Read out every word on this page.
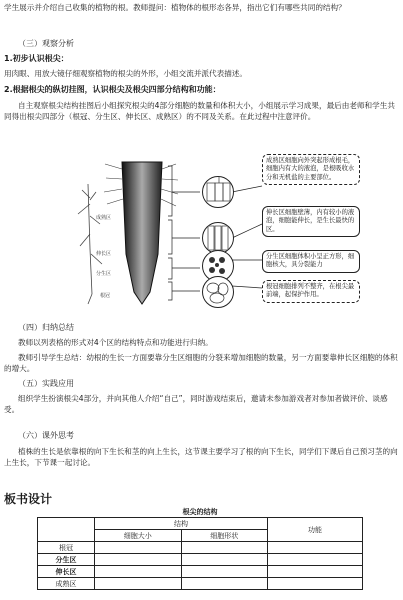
学生展示并介绍自己收集的植物的根。教师提问：植物体的根形态各异，指出它们有哪些共同的结构？

（三）观察分析

1.初步认识根尖：

用肉眼、用放大镜仔细观察植物的根尖的外形，小组交流并派代表描述。

2.根据根尖的纵切挂图，认识根尖及根尖四部分结构和功能：

自主观察根尖结构挂图后小组探究根尖的4部分细胞的数量和体积大小，小组展示学习成果，最后由老师和学生共同得出根尖四部分（根冠、分生区、伸长区、成熟区）的不同及关系。在此过程中注意评价。

成熟区细胞向外突起形成根毛，细胞内有大的液泡，是根吸收水分和无机盐的主要部位。
伸长区细胞壁薄，内有较小的液泡，细胞能伸长，是生长最快的区。
分生区细胞体积小呈正方形，细胞核大，具分裂能力
根冠细胞排列不整齐，在根尖最前端，起保护作用。
成熟区
伸长区
分生区
根冠

（四）归纳总结

教师以列表格的形式对4个区的结构特点和功能进行归纳。

教师引导学生总结：幼根的生长一方面要靠分生区细胞的分裂来增加细胞的数量，另一方面要靠伸长区细胞的体积的增大。

（五）实践应用

组织学生扮演根尖4部分，并向其他人介绍“自己”，同时游戏结束后，邀请未参加游戏者对参加者做评价、谈感受。

（六）课外思考

植株的生长是依靠根的向下生长和茎的向上生长，这节课主要学习了根的向下生长，同学们下课后自己预习茎的向上生长，下节课一起讨论。

板书设计
根尖的结构			
	结构		功能
	细胞大小	细胞形状	
根冠			
分生区			
伸长区			
成熟区			
